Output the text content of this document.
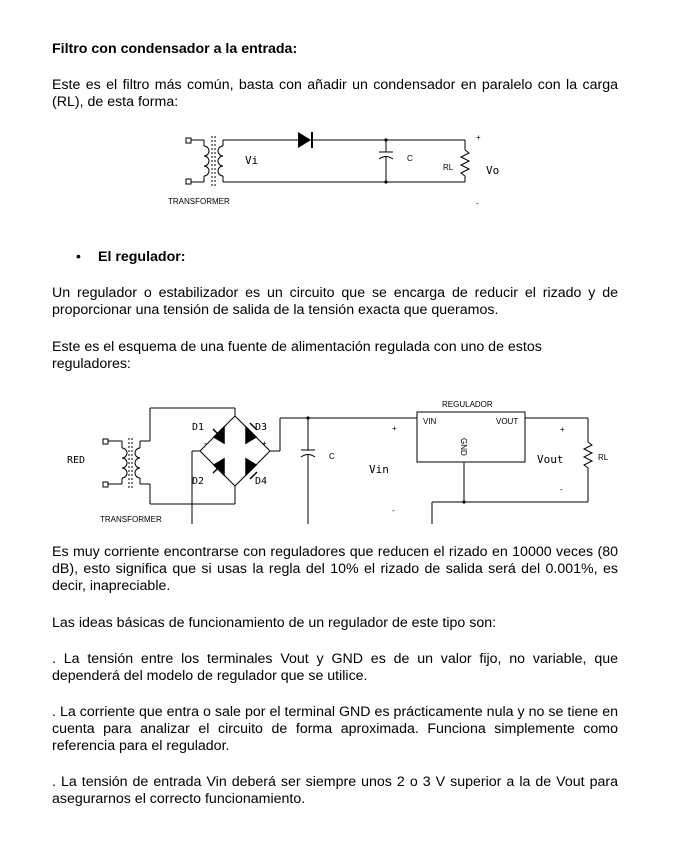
Filtro con condensador a la entrada:

Este es el filtro más común, basta con añadir un condensador en paralelo con la carga (RL), de esta forma:

Vi	C
RL	Vo
+
-
TRANSFORMER
• El regulador:

Un regulador o estabilizador es un circuito que se encarga de reducir el rizado y de proporcionar una tensión de salida de la tensión exacta que queramos.

Este es el esquema de una fuente de alimentación regulada con uno de estos reguladores:

RED
D1
D2
D3
D4
-	+
C
Vin
+
-
REGULADOR
VIN	VOUT
GND
Vout	RL
+
-
TRANSFORMER

Es muy corriente encontrarse con reguladores que reducen el rizado en 10000 veces (80 dB), esto significa que si usas la regla del 10% el rizado de salida será del 0.001%, es decir, inapreciable.

Las ideas básicas de funcionamiento de un regulador de este tipo son:

. La tensión entre los terminales Vout y GND es de un valor fijo, no variable, que dependerá del modelo de regulador que se utilice.

. La corriente que entra o sale por el terminal GND es prácticamente nula y no se tiene en cuenta para analizar el circuito de forma aproximada. Funciona simplemente como referencia para el regulador.

. La tensión de entrada Vin deberá ser siempre unos 2 o 3 V superior a la de Vout para asegurarnos el correcto funcionamiento.
